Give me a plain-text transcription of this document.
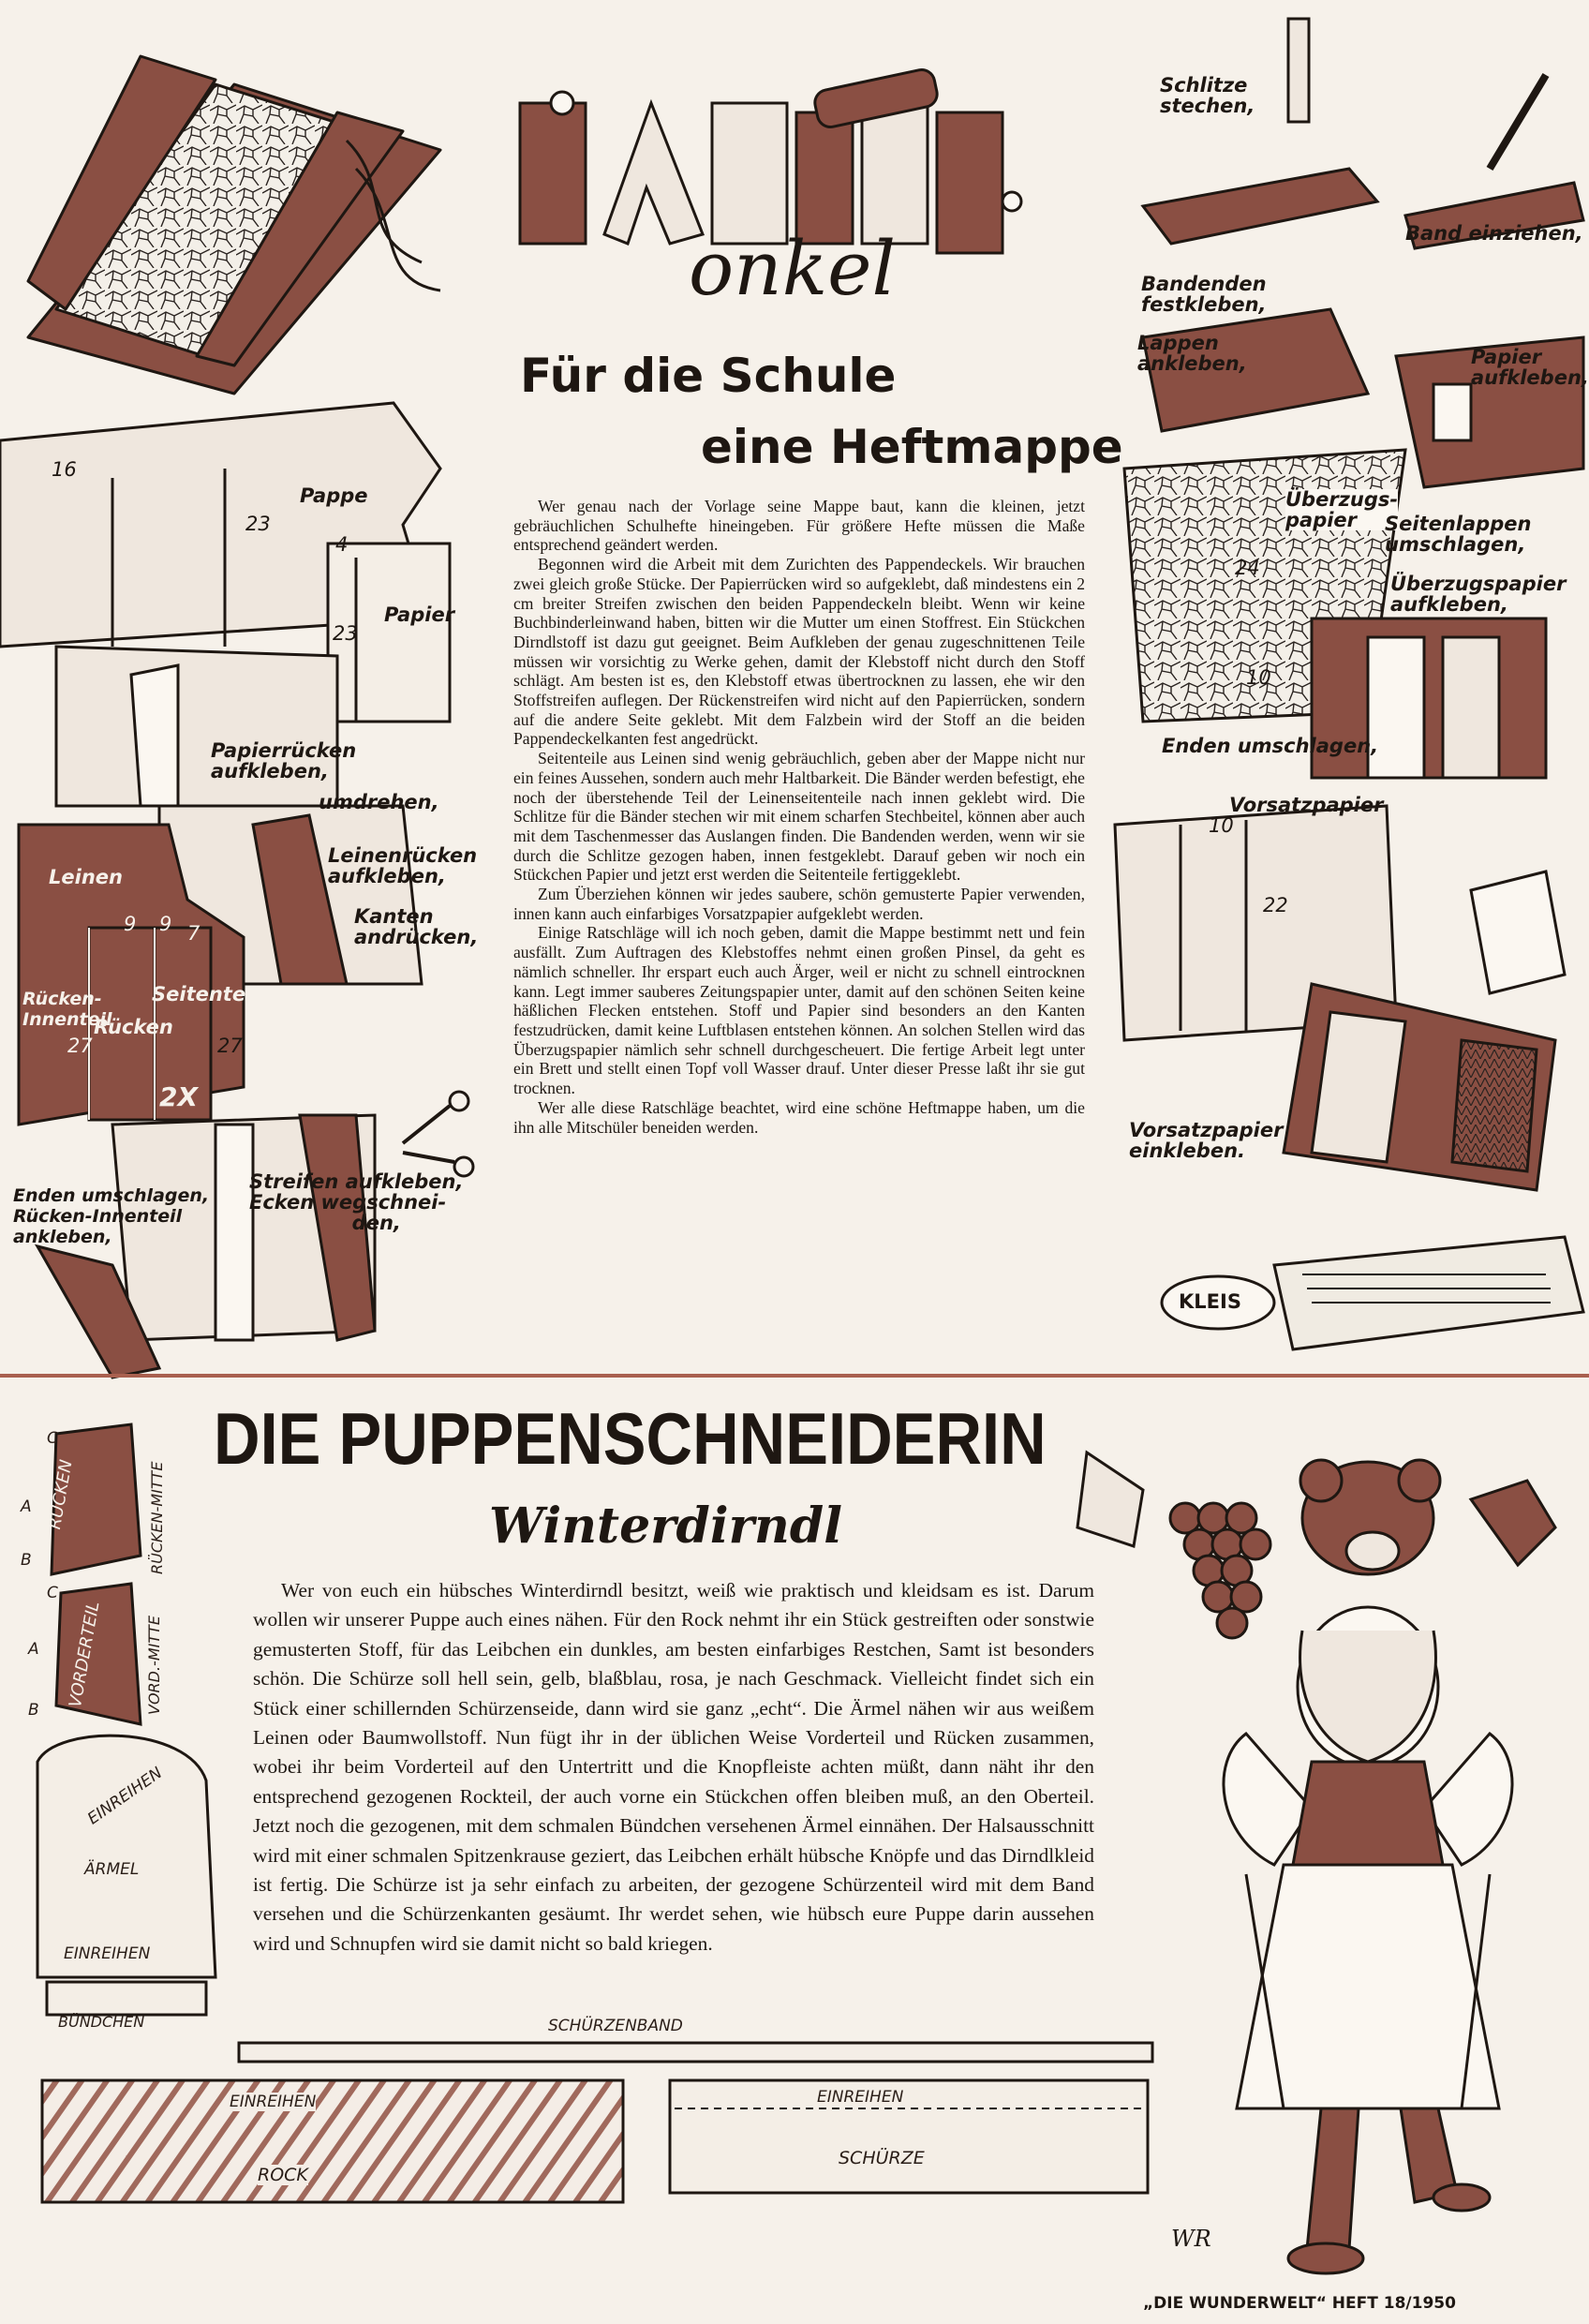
onkel
Für die Schule
eine Heftmappe

Wer genau nach der Vorlage seine Mappe baut, kann die kleinen, jetzt gebräuchlichen Schulhefte hineingeben. Für größere Hefte müssen die Maße entsprechend geändert werden.

Begonnen wird die Arbeit mit dem Zurichten des Pappendeckels. Wir brauchen zwei gleich große Stücke. Der Papierrücken wird so aufgeklebt, daß mindestens ein 2 cm breiter Streifen zwischen den beiden Pappendeckeln bleibt. Wenn wir keine Buchbinderleinwand haben, bitten wir die Mutter um einen Stoffrest. Ein Stückchen Dirndlstoff ist dazu gut geeignet. Beim Aufkleben der genau zugeschnittenen Teile müssen wir vorsichtig zu Werke gehen, damit der Klebstoff nicht durch den Stoff schlägt. Am besten ist es, den Klebstoff etwas übertrocknen zu lassen, ehe wir den Stoffstreifen auflegen. Der Rückenstreifen wird nicht auf den Papierrücken, sondern auf die andere Seite geklebt. Mit dem Falzbein wird der Stoff an die beiden Pappendeckelkanten fest angedrückt.

Seitenteile aus Leinen sind wenig gebräuchlich, geben aber der Mappe nicht nur ein feines Aussehen, sondern auch mehr Haltbarkeit. Die Bänder werden befestigt, ehe noch der überstehende Teil der Leinenseitenteile nach innen geklebt wird. Die Schlitze für die Bänder stechen wir mit einem scharfen Stechbeitel, können aber auch mit dem Taschenmesser das Auslangen finden. Die Bandenden werden, wenn wir sie durch die Schlitze gezogen haben, innen festgeklebt. Darauf geben wir noch ein Stückchen Papier und jetzt erst werden die Seitenteile fertiggeklebt.

Zum Überziehen können wir jedes saubere, schön gemusterte Papier verwenden, innen kann auch einfarbiges Vorsatzpapier aufgeklebt werden.

Einige Ratschläge will ich noch geben, damit die Mappe bestimmt nett und fein ausfällt. Zum Auftragen des Klebstoffes nehmt einen großen Pinsel, da geht es nämlich schneller. Ihr erspart euch auch Ärger, weil er nicht zu schnell eintrocknen kann. Legt immer sauberes Zeitungspapier unter, damit auf den schönen Seiten keine häßlichen Flecken entstehen. Stoff und Papier sind besonders an den Kanten festzudrücken, damit keine Luftblasen entstehen können. An solchen Stellen wird das Überzugspapier nämlich sehr schnell durchgescheuert. Die fertige Arbeit legt unter ein Brett und stellt einen Topf voll Wasser drauf. Unter dieser Presse laßt ihr sie gut trocknen.

Wer alle diese Ratschläge beachtet, wird eine schöne Heftmappe haben, um die ihn alle Mitschüler beneiden werden.

16
Pappe
23
4
Papier
23
Papierrücken
aufkleben,
umdrehen,
Leinen
Leinenrücken
aufkleben,
Kanten
andrücken,
9 9 7
Rücken-
Innenteil
Rücken
Seitenteil
2X
27	27
Enden umschlagen,
Rücken-Innenteil
ankleben,
Streifen aufkleben,
Ecken wegschnei-
den,
Schlitze
stechen,
Band einziehen,
Bandenden
festkleben,
Lappen
ankleben,	Papier
aufkleben,
Überzugs-
papier	Seitenlappen
umschlagen,
Überzugspapier
aufkleben,
24
10
Enden umschlagen,
Vorsatzpapier
10
22
Vorsatzpapier
einkleben.
KLEIS
DIE PUPPENSCHNEIDERIN
Winterdirndl

Wer von euch ein hübsches Winterdirndl besitzt, weiß wie praktisch und kleidsam es ist. Darum wollen wir unserer Puppe auch eines nähen. Für den Rock nehmt ihr ein Stück gestreiften oder sonstwie gemusterten Stoff, für das Leibchen ein dunkles, am besten einfarbiges Restchen, Samt ist besonders schön. Die Schürze soll hell sein, gelb, blaßblau, rosa, je nach Geschmack. Vielleicht findet sich ein Stück einer schillernden Schürzenseide, dann wird sie ganz „echt“. Die Ärmel nähen wir aus weißem Leinen oder Baumwollstoff. Nun fügt ihr in der üblichen Weise Vorderteil und Rücken zusammen, wobei ihr beim Vorderteil auf den Untertritt und die Knopfleiste achten müßt, dann näht ihr den entsprechend gezogenen Rockteil, der auch vorne ein Stückchen offen bleiben muß, an den Oberteil. Jetzt noch die gezogenen, mit dem schmalen Bündchen versehenen Ärmel einnähen. Der Halsausschnitt wird mit einer schmalen Spitzenkrause geziert, das Leibchen erhält hübsche Knöpfe und das Dirndlkleid ist fertig. Die Schürze ist ja sehr einfach zu arbeiten, der gezogene Schürzenteil wird mit dem Band versehen und die Schürzenkanten gesäumt. Ihr werdet sehen, wie hübsch eure Puppe darin aussehen wird und Schnupfen wird sie damit nicht so bald kriegen.

C
A
B
RÜCKEN	RÜCKEN-MITTE
C
A
B
VORDERTEIL	VORD.-MITTE
EINREIHEN
ÄRMEL
EINREIHEN
BÜNDCHEN	SCHÜRZENBAND
EINREIHEN
ROCK
EINREIHEN
SCHÜRZE
WR
„DIE WUNDERWELT“ HEFT 18/1950
